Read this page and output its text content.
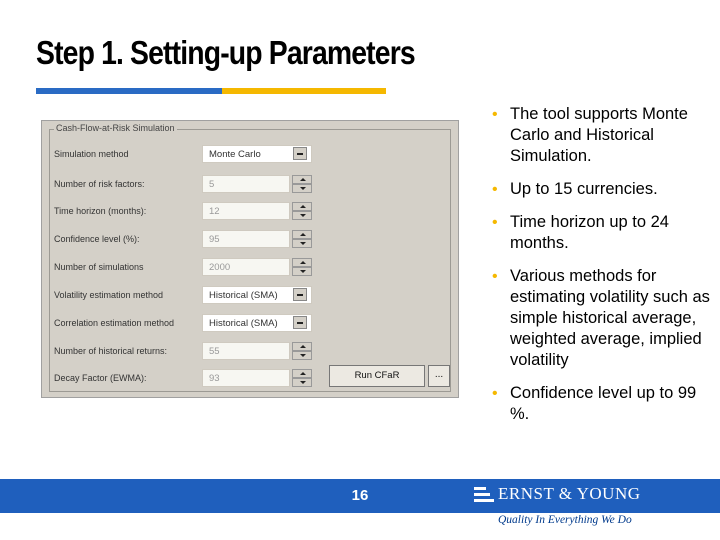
Step 1. Setting-up Parameters
Cash-Flow-at-Risk Simulation
Simulation method	Monte Carlo
Number of risk factors:	5
Time horizon (months):	12
Confidence level (%):	95
Number of simulations	2000
Volatility estimation method	Historical (SMA)
Correlation estimation method	Historical (SMA)
Number of historical returns:	55
Decay Factor (EWMA):	93	Run CFaR	...
• The tool supports Monte Carlo and Historical Simulation.
• Up to 15 currencies.
• Time horizon up to 24 months.
• Various methods for estimating volatility such as simple historical average, weighted average, implied volatility
• Confidence level up to 99 %.
16	ERNST & YOUNG
Quality In Everything We Do
